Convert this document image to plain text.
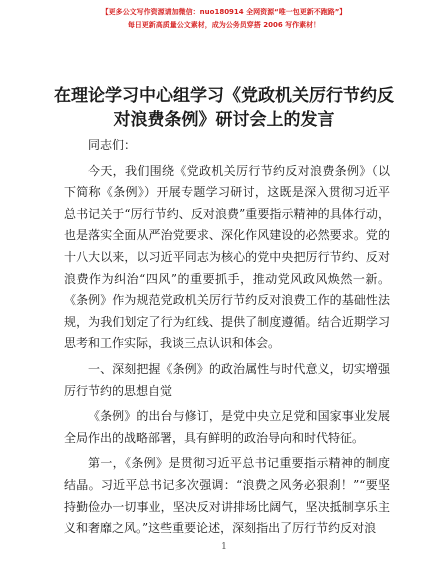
【更多公文写作资源请加微信：nuo180914 全网资源“唯一包更新不跑路”】
每日更新高质量公文素材，成为公务员穿搭 2006 写作素材！
在理论学习中心组学习《党政机关厉行节约反
对浪费条例》研讨会上的发言

同志们：

今天，我们围绕《党政机关厉行节约反对浪费条例》（以下简称《条例》）开展专题学习研讨，这既是深入贯彻习近平总书记关于“厉行节约、反对浪费”重要指示精神的具体行动，也是落实全面从严治党要求、深化作风建设的必然要求。党的十八大以来，以习近平同志为核心的党中央把厉行节约、反对浪费作为纠治“四风”的重要抓手，推动党风政风焕然一新。《条例》作为规范党政机关厉行节约反对浪费工作的基础性法规，为我们划定了行为红线、提供了制度遵循。结合近期学习思考和工作实际，我谈三点认识和体会。

一、深刻把握《条例》的政治属性与时代意义，切实增强厉行节约的思想自觉

《条例》的出台与修订，是党中央立足党和国家事业发展全局作出的战略部署，具有鲜明的政治导向和时代特征。

第一，《条例》是贯彻习近平总书记重要指示精神的制度结晶。习近平总书记多次强调：“浪费之风务必狠刹！”“要坚持勤俭办一切事业，坚决反对讲排场比阔气，坚决抵制享乐主义和奢靡之风。”这些重要论述，深刻指出了厉行节约反对浪

1
